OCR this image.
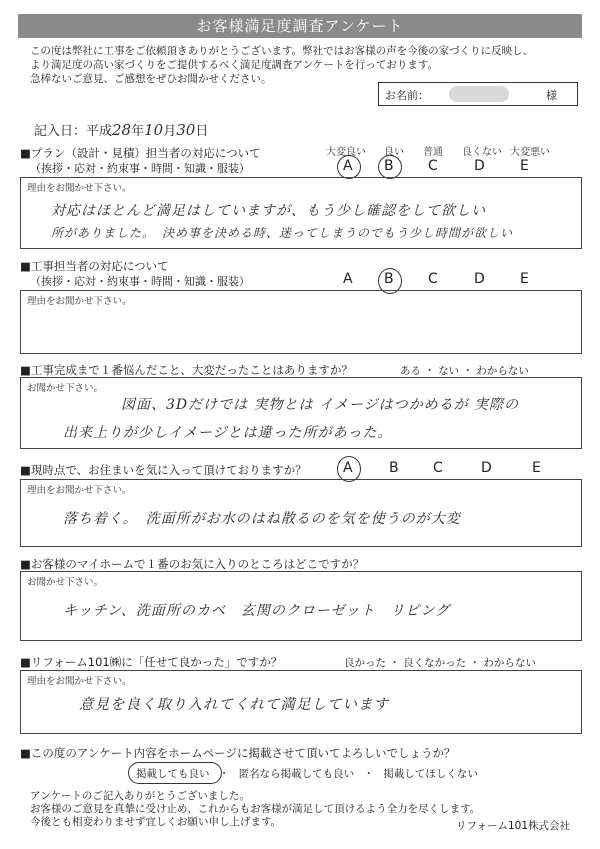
お客様満足度調査アンケート
この度は弊社に工事をご依頼頂きありがとうございます。弊社ではお客様の声を今後の家づくりに反映し、
より満足度の高い家づくりをご提供するべく満足度調査アンケートを行っております。
急棒ないご意見、ご感想をぜひお聞かせください。
お名前：	様
記入日：平成28年10月30日
■プラン（設計・見積）担当者の対応について
（挨拶・応対・約束事・時間・知識・服装）
大変良い 良い 普通 良くない 大変悪い
A B C	D	E
理由をお聞かせ下さい。
対応はほとんど満足はしていますが、もう少し確認をして欲しい
所がありました。　決め事を決める時、迷ってしまうのでもう少し時間が欲しい
■工事担当者の対応について
（挨拶・応対・約束事・時間・知識・服装）	A B C	D	E
理由をお聞かせ下さい。
■工事完成まで１番悩んだこと、大変だったことはありますか？	ある ・ ない ・ わからない
お聞かせ下さい。
図面、3Dだけでは 実物とは イメージはつかめるが 実際の
出来上りが少しイメージとは違った所があった。
■現時点で、お住まいを気に入って頂けておりますか？	A	B C	D	E
理由をお聞かせ下さい。
落ち着く。　洗面所がお水のはね散るのを気を使うのが大変
■お客様のマイホームで１番のお気に入りのところはどこですか？
お聞かせ下さい。
キッチン、洗面所のカベ　玄関のクローゼット　リビング
■リフォーム101㈱に「任せて良かった」ですか？	良かった ・ 良くなかった ・ わからない
理由をお聞かせ下さい。
意見を良く取り入れてくれて満足しています
■この度のアンケート内容をホームページに掲載させて頂いてよろしいでしょうか？
掲載しても良い ・ 匿名なら掲載しても良い ・ 掲載してほしくない
アンケートのご記入ありがとうございました。
お客様のご意見を真摯に受け止め、これからもお客様が満足して頂けるよう全力を尽くします。
今後とも相変わりませず宜しくお願い申し上げます。	リフォーム101株式会社
